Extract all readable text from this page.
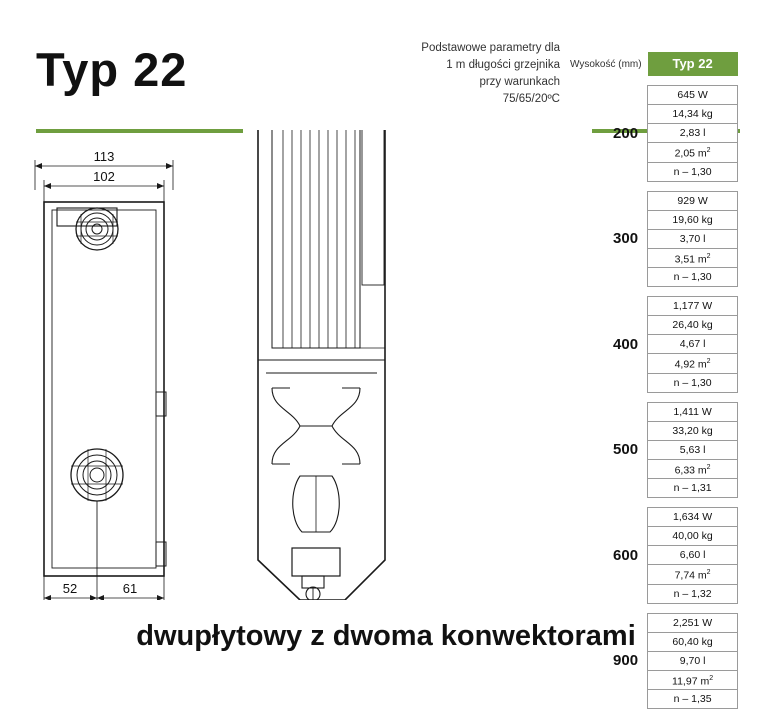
Typ 22	Podstawowe parametry dla
1 m długości grzejnika
przy warunkach
75/65/20ºC
113
102
52	61
Wysokość (mm)	Typ 22

200	645 W
	14,34 kg
	2,83 l
	2,05 $m^2$
	n – 1,30

300	929 W
	19,60 kg
	3,70 l
	3,51 $m^2$
	n – 1,30

400	1,177 W
	26,40 kg
	4,67 l
	4,92 $m^2$
	n – 1,30

500	1,411 W
	33,20 kg
	5,63 l
	6,33 $m^2$
	n – 1,31

600	1,634 W
	40,00 kg
	6,60 l
	7,74 $m^2$
	n – 1,32

900	2,251 W
	60,40 kg
	9,70 l
	11,97 $m^2$
	n – 1,35
dwupłytowy z dwoma konwektorami
